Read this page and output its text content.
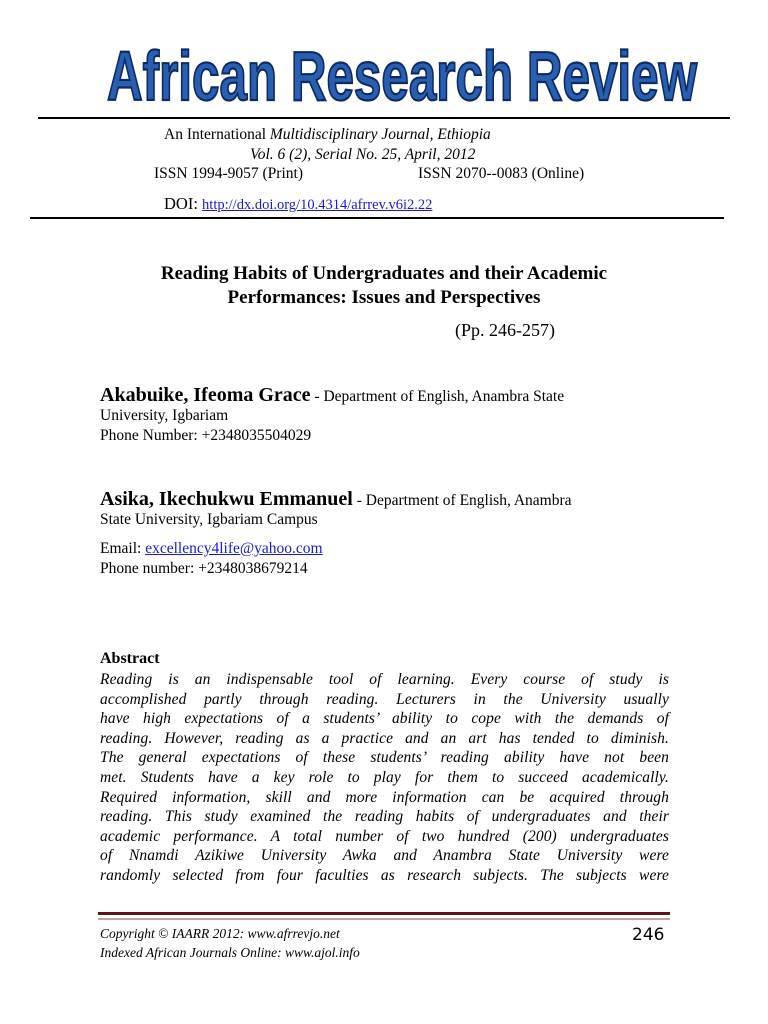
African Research Review
An International Multidisciplinary Journal, Ethiopia
Vol. 6 (2), Serial No. 25, April, 2012
ISSN 1994-9057 (Print)	ISSN 2070--0083 (Online)
DOI: http://dx.doi.org/10.4314/afrrev.v6i2.22
Reading Habits of Undergraduates and their Academic
Performances: Issues and Perspectives
(Pp. 246-257)
Akabuike, Ifeoma Grace - Department of English, Anambra State
University, Igbariam
Phone Number: +2348035504029
Asika, Ikechukwu Emmanuel - Department of English, Anambra
State University, Igbariam Campus
Email: excellency4life@yahoo.com
Phone number: +2348038679214
Abstract
Reading is an indispensable tool of learning. Every course of study is
accomplished partly through reading. Lecturers in the University usually
have high expectations of a students’ ability to cope with the demands of
reading. However, reading as a practice and an art has tended to diminish.
The general expectations of these students’ reading ability have not been
met. Students have a key role to play for them to succeed academically.
Required information, skill and more information can be acquired through
reading. This study examined the reading habits of undergraduates and their
academic performance. A total number of two hundred (200) undergraduates
of Nnamdi Azikiwe University Awka and Anambra State University were
randomly selected from four faculties as research subjects. The subjects were
Copyright © IAARR 2012: www.afrrevjo.net
Indexed African Journals Online: www.ajol.info
246
